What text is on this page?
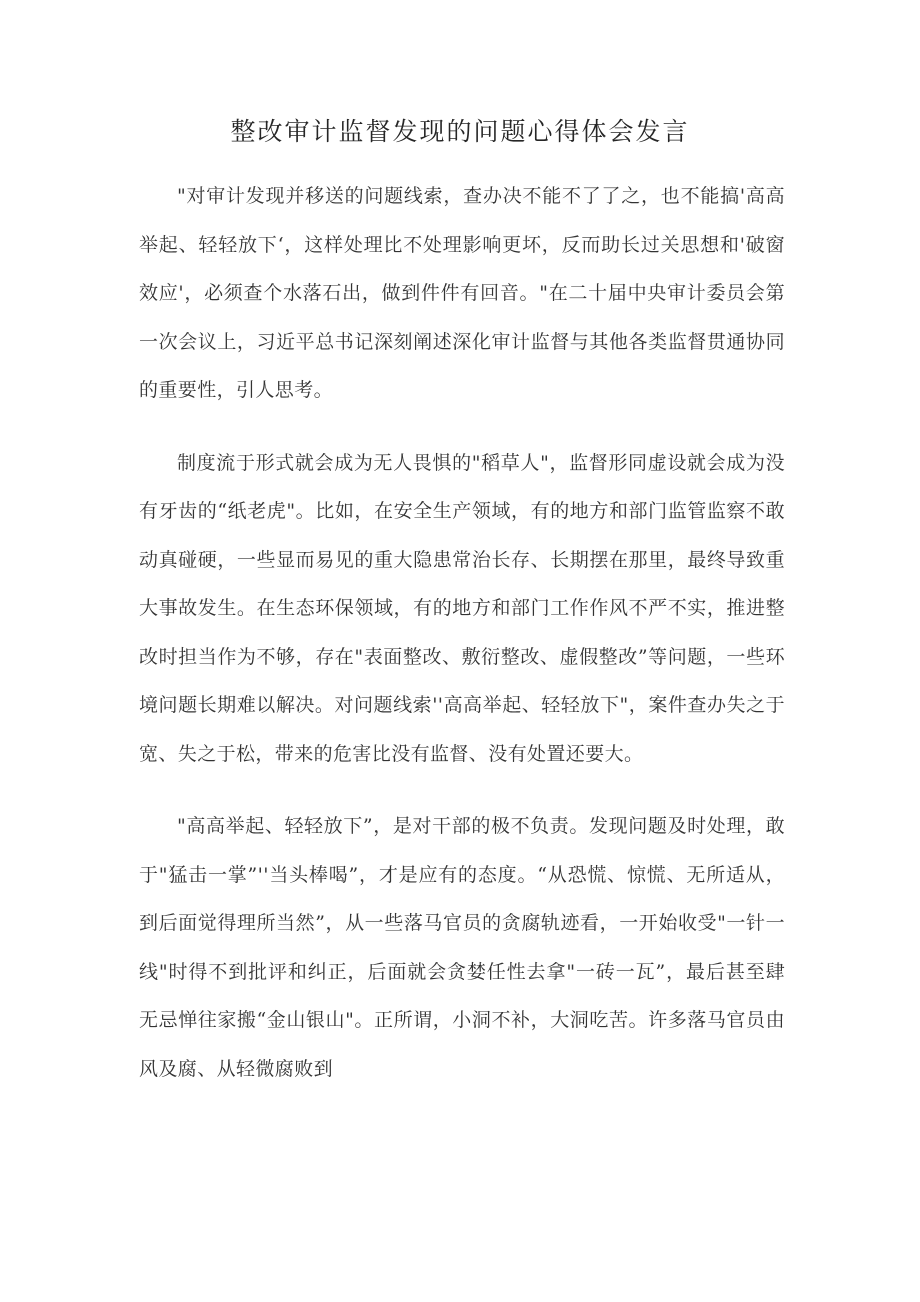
整改审计监督发现的问题心得体会发言

"对审计发现并移送的问题线索，查办决不能不了了之，也不能搞'高高举起、轻轻放下‘，这样处理比不处理影响更坏，反而助长过关思想和'破窗效应'，必须查个水落石出，做到件件有回音。"在二十届中央审计委员会第一次会议上，习近平总书记深刻阐述深化审计监督与其他各类监督贯通协同的重要性，引人思考。

制度流于形式就会成为无人畏惧的"稻草人"，监督形同虚设就会成为没有牙齿的“纸老虎"。比如，在安全生产领域，有的地方和部门监管监察不敢动真碰硬，一些显而易见的重大隐患常治长存、长期摆在那里，最终导致重大事故发生。在生态环保领域，有的地方和部门工作作风不严不实，推进整改时担当作为不够，存在"表面整改、敷衍整改、虚假整改”等问题，一些环境问题长期难以解决。对问题线索''高高举起、轻轻放下"，案件查办失之于宽、失之于松，带来的危害比没有监督、没有处置还要大。

"高高举起、轻轻放下”，是对干部的极不负责。发现问题及时处理，敢于"猛击一掌”''当头棒喝”，才是应有的态度。“从恐慌、惊慌、无所适从，到后面觉得理所当然”，从一些落马官员的贪腐轨迹看，一开始收受"一针一线"时得不到批评和纠正，后面就会贪婪任性去拿"一砖一瓦”，最后甚至肆无忌惮往家搬“金山银山"。正所谓，小洞不补，大洞吃苦。许多落马官员由风及腐、从轻微腐败到
